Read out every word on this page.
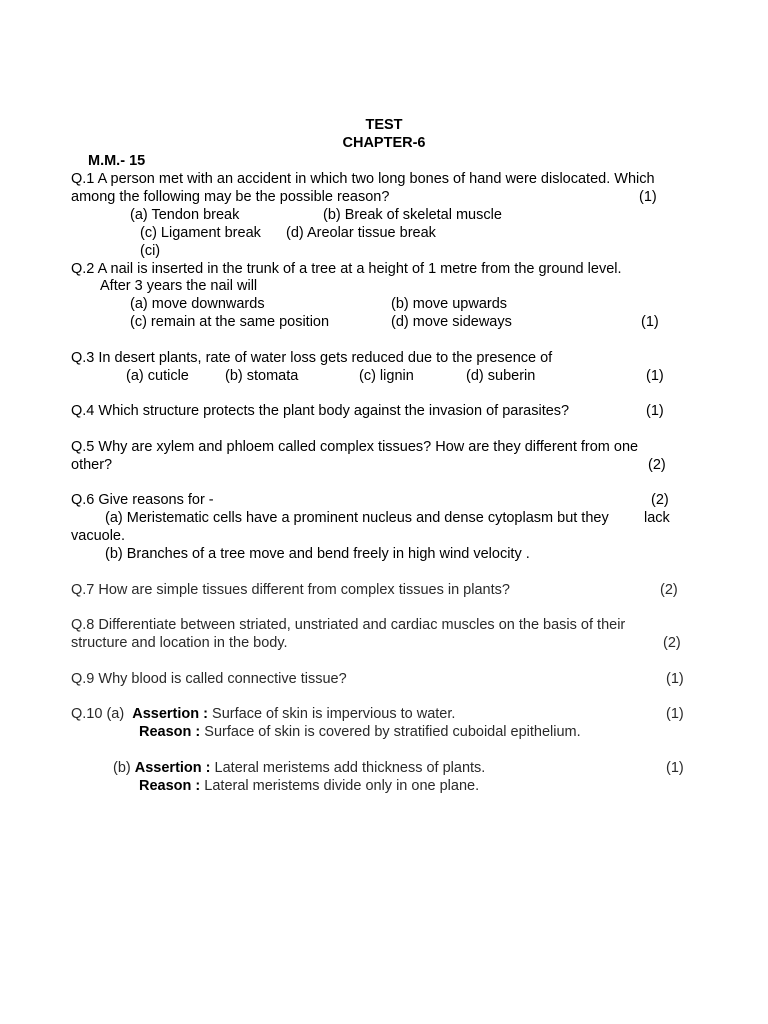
TEST
CHAPTER-6
M.M.- 15
Q.1 A person met with an accident in which two long bones of hand were dislocated. Which
among the following may be the possible reason?	(1)
(a) Tendon break	(b) Break of skeletal muscle
(c) Ligament break (d) Areolar tissue break
(ci)
Q.2 A nail is inserted in the trunk of a tree at a height of 1 metre from the ground level.
After 3 years the nail will
(a) move downwards	(b) move upwards
(c) remain at the same position	(d) move sideways	(1)
Q.3 In desert plants, rate of water loss gets reduced due to the presence of
(a) cuticle (b) stomata	(c) lignin	(d) suberin	(1)
Q.4 Which structure protects the plant body against the invasion of parasites?	(1)
Q.5 Why are xylem and phloem called complex tissues? How are they different from one
other?	(2)
Q.6 Give reasons for -	(2)
(a) Meristematic cells have a prominent nucleus and dense cytoplasm but they lack
vacuole.
(b) Branches of a tree move and bend freely in high wind velocity .
Q.7 How are simple tissues different from complex tissues in plants?	(2)
Q.8 Differentiate between striated, unstriated and cardiac muscles on the basis of their
structure and location in the body.	(2)
Q.9 Why blood is called connective tissue?	(1)
Q.10 (a) Assertion : Surface of skin is impervious to water.	(1)
Reason : Surface of skin is covered by stratified cuboidal epithelium.
(b) Assertion : Lateral meristems add thickness of plants.	(1)
Reason : Lateral meristems divide only in one plane.
